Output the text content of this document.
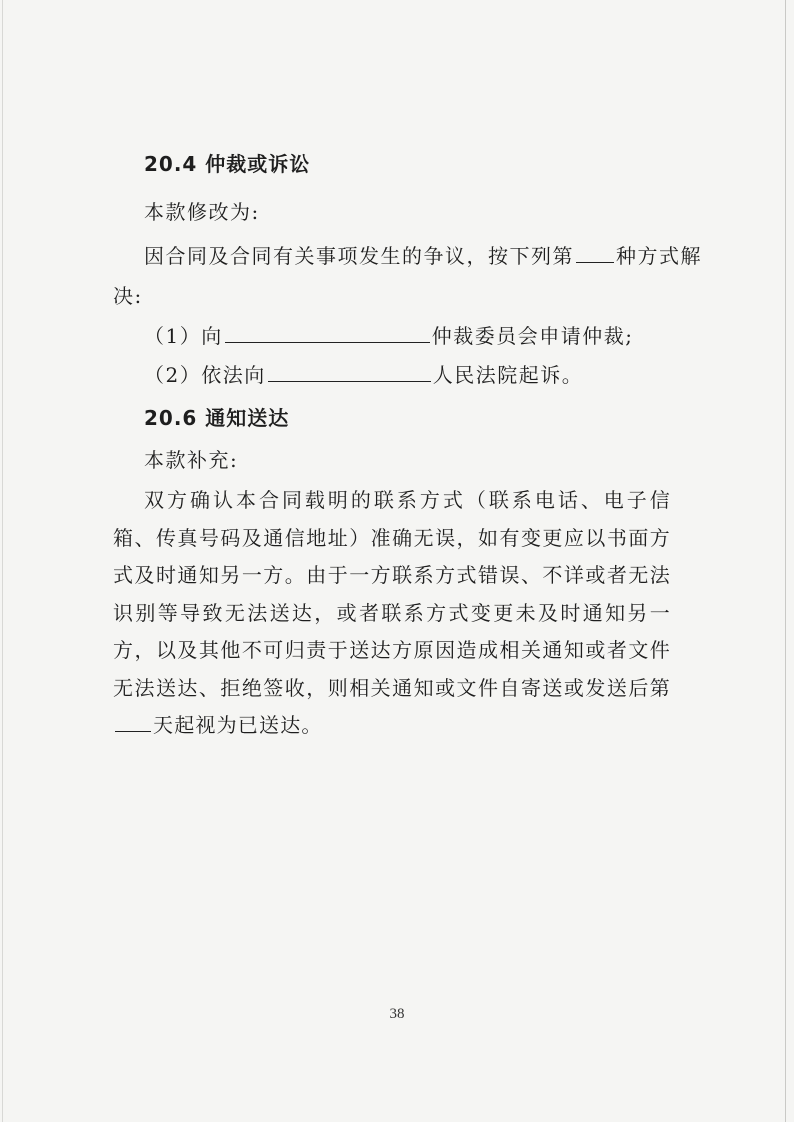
20.4 仲裁或诉讼
本款修改为:
因合同及合同有关事项发生的争议，按下列第 种方式解
决:
（1）向	仲裁委员会申请仲裁;
（2）依法向	人民法院起诉。
20.6 通知送达
本款补充:
双方确认本合同载明的联系方式（联系电话、电子信箱、传真号码及通信地址）准确无误，如有变更应以书面方式及时通知另一方。由于一方联系方式错误、不详或者无法识别等导致无法送达，或者联系方式变更未及时通知另一方，以及其他不可归责于送达方原因造成相关通知或者文件无法送达、拒绝签收，则相关通知或文件自寄送或发送后第天起视为已送达。
38
